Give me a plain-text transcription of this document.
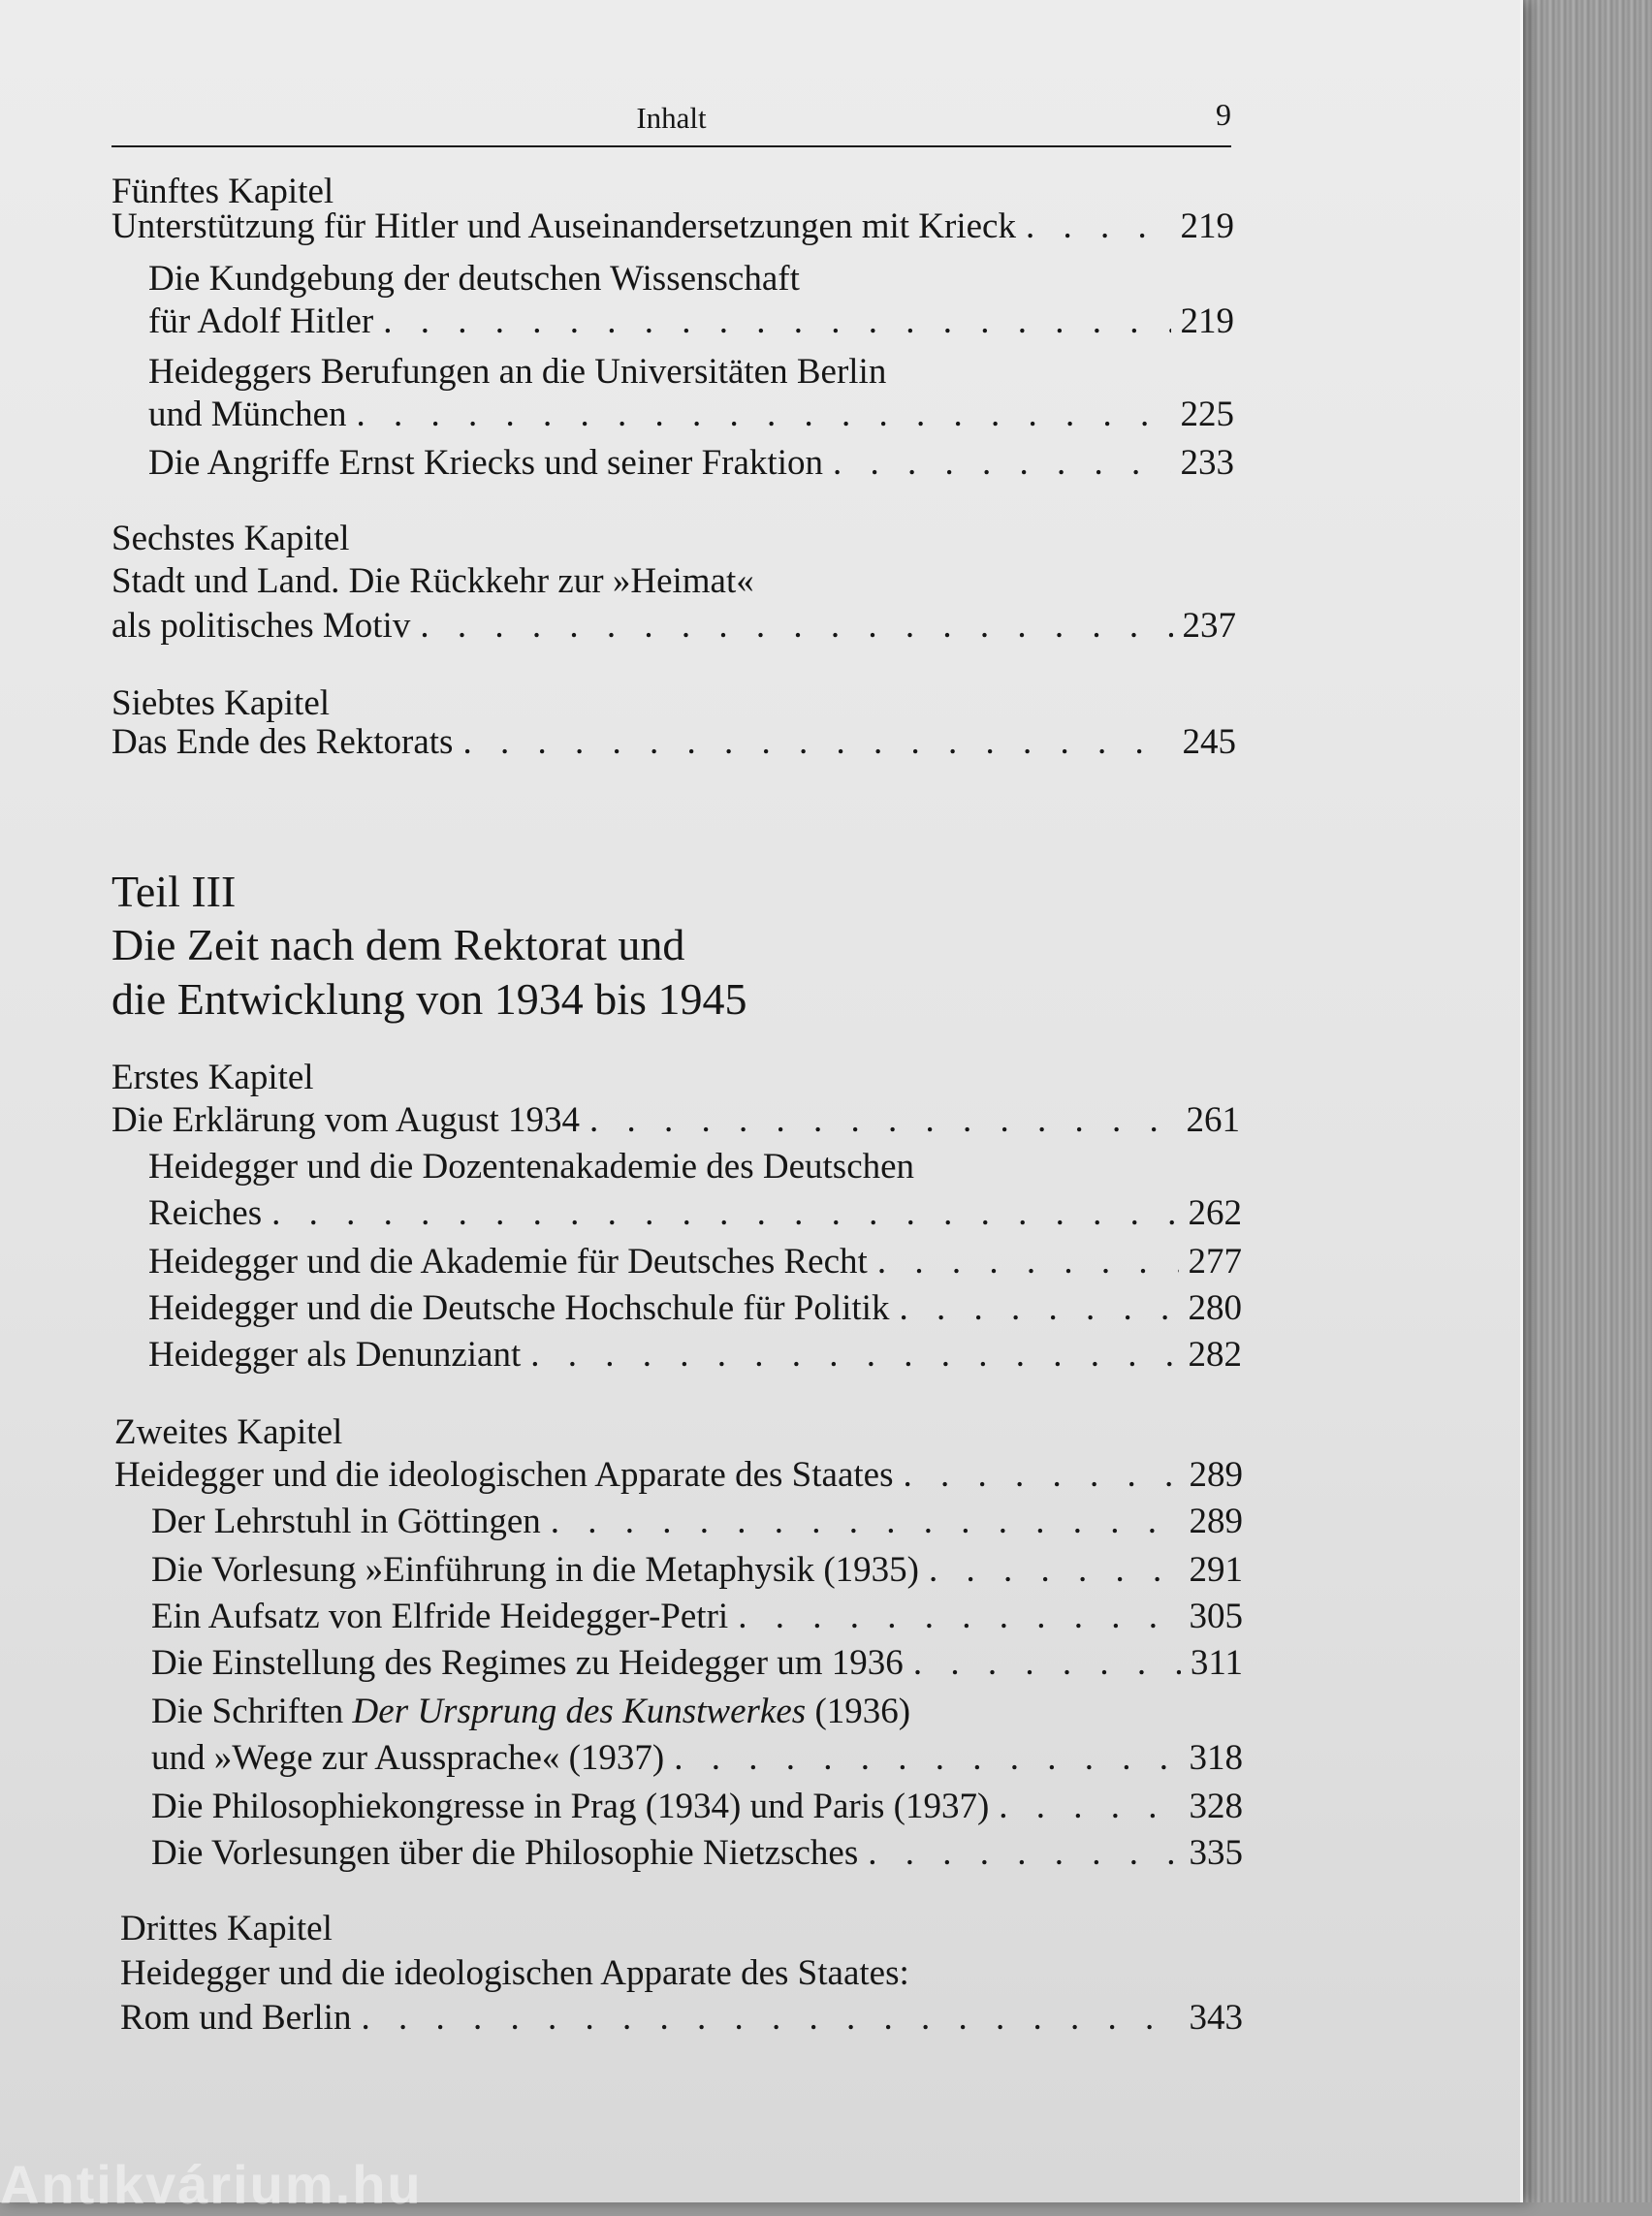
Inhalt	9
Fünftes Kapitel
Unterstützung für Hitler und Auseinandersetzungen mit Krieck . . .	219
Die Kundgebung der deutschen Wissenschaft
für Adolf Hitler . . .	219
Heideggers Berufungen an die Universitäten Berlin
und München . . .	225
Die Angriffe Ernst Kriecks und seiner Fraktion . . .	233
Sechstes Kapitel
Stadt und Land. Die Rückkehr zur »Heimat«
als politisches Motiv . . .	237
Siebtes Kapitel
Das Ende des Rektorats . . .	245
Teil III
Die Zeit nach dem Rektorat und
die Entwicklung von 1934 bis 1945
Erstes Kapitel
Die Erklärung vom August 1934 . . .	261
Heidegger und die Dozentenakademie des Deutschen
Reiches . . .	262
Heidegger und die Akademie für Deutsches Recht . . .	277
Heidegger und die Deutsche Hochschule für Politik . . .	280
Heidegger als Denunziant . . .	282
Zweites Kapitel
Heidegger und die ideologischen Apparate des Staates . . .	289
Der Lehrstuhl in Göttingen . . .	289
Die Vorlesung »Einführung in die Metaphysik (1935) . . .	291
Ein Aufsatz von Elfride Heidegger-Petri . . .	305
Die Einstellung des Regimes zu Heidegger um 1936 . . .	311
Die Schriften Der Ursprung des Kunstwerkes (1936)
und »Wege zur Aussprache« (1937) . . .	318
Die Philosophiekongresse in Prag (1934) und Paris (1937) . . .	328
Die Vorlesungen über die Philosophie Nietzsches . . .	335
Drittes Kapitel
Heidegger und die ideologischen Apparate des Staates:
Rom und Berlin . . .	343
Antikvárium.hu
